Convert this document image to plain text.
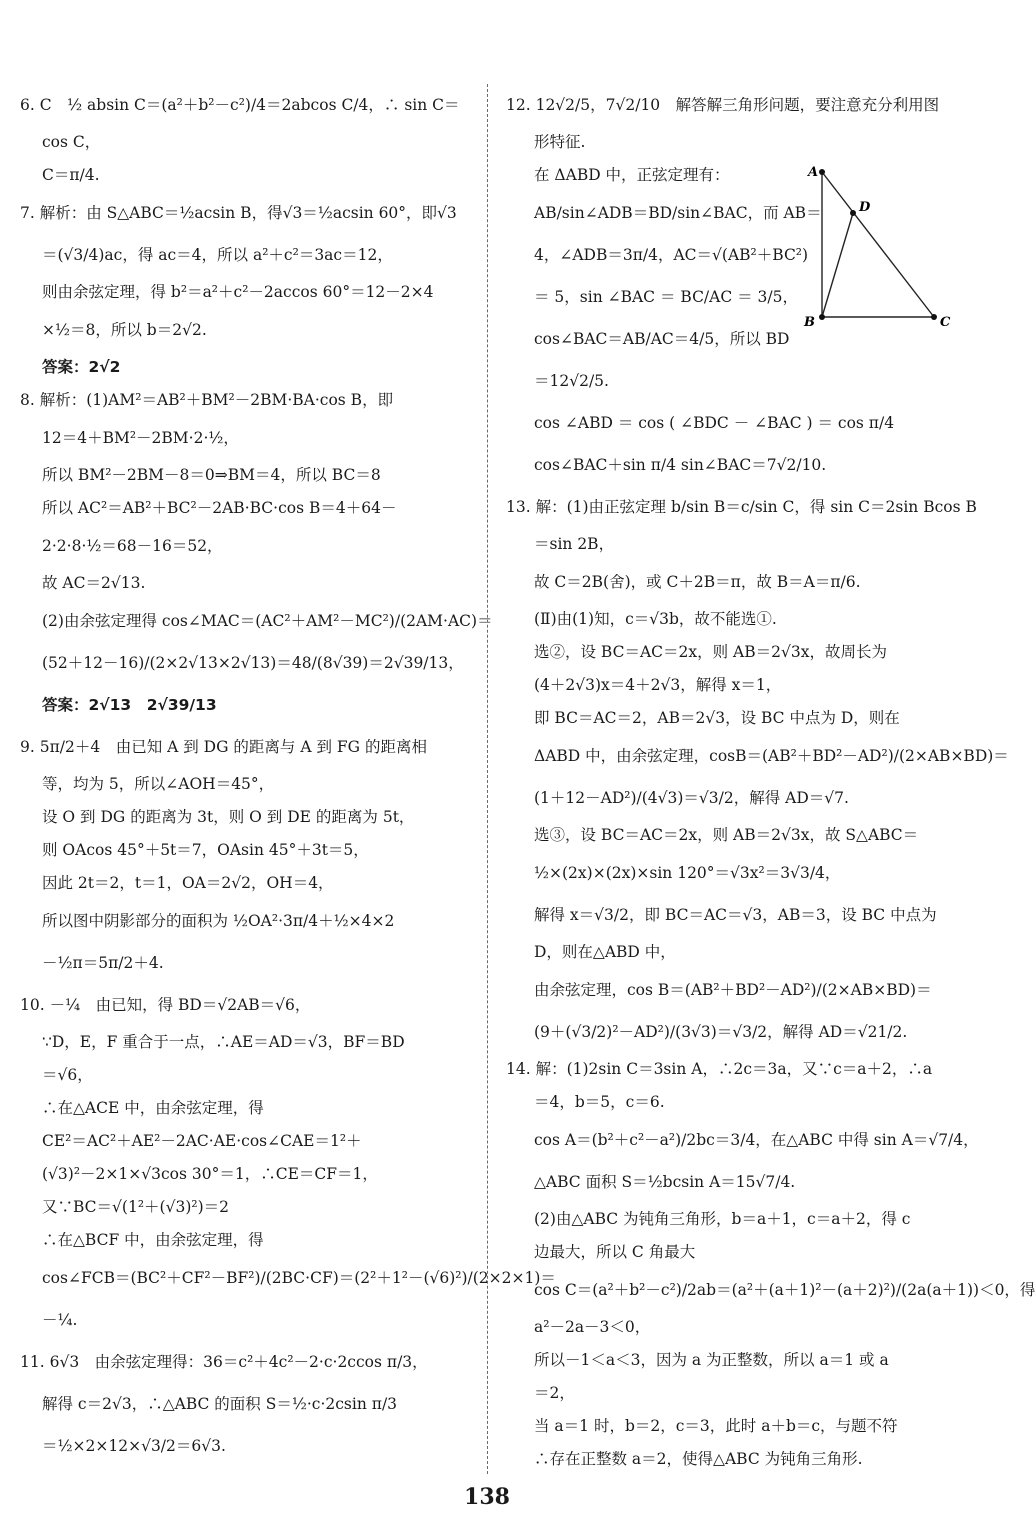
6. C　½ absin C＝(a²＋b²－c²)/4＝2abcos C/4，∴ sin C＝
cos C，
C＝π/4.
7. 解析：由 S△ABC＝½acsin B，得√3＝½acsin 60°，即√3
＝(√3/4)ac，得 ac＝4，所以 a²＋c²＝3ac＝12，
则由余弦定理，得 b²＝a²＋c²－2accos 60°＝12－2×4
×½＝8，所以 b＝2√2.
答案：2√2
8. 解析：(1)AM²＝AB²＋BM²－2BM·BA·cos B，即
12＝4＋BM²－2BM·2·½，
所以 BM²－2BM－8＝0⇒BM＝4，所以 BC＝8
所以 AC²＝AB²＋BC²－2AB·BC·cos B＝4＋64－
2·2·8·½＝68－16＝52，
故 AC＝2√13.
(2)由余弦定理得 cos∠MAC＝(AC²＋AM²－MC²)/(2AM·AC)＝
(52＋12－16)/(2×2√13×2√13)＝48/(8√39)＝2√39/13，
答案：2√13　2√39/13
9. 5π/2＋4　由已知 A 到 DG 的距离与 A 到 FG 的距离相
等，均为 5，所以∠AOH＝45°，
设 O 到 DG 的距离为 3t，则 O 到 DE 的距离为 5t，
则 OAcos 45°＋5t＝7，OAsin 45°＋3t＝5，
因此 2t＝2，t＝1，OA＝2√2，OH＝4，
所以图中阴影部分的面积为 ½OA²·3π/4＋½×4×2
－½π＝5π/2＋4.
10. －¼　由已知，得 BD＝√2AB＝√6，
∵D，E，F 重合于一点，∴AE＝AD＝√3，BF＝BD
＝√6，
∴在△ACE 中，由余弦定理，得
CE²＝AC²＋AE²－2AC·AE·cos∠CAE＝1²＋
(√3)²－2×1×√3cos 30°＝1，∴CE＝CF＝1，
又∵BC＝√(1²＋(√3)²)＝2
∴在△BCF 中，由余弦定理，得
cos∠FCB＝(BC²＋CF²－BF²)/(2BC·CF)＝(2²＋1²－(√6)²)/(2×2×1)＝
－¼.
11. 6√3　由余弦定理得：36＝c²＋4c²－2·c·2ccos π/3，
解得 c＝2√3，∴△ABC 的面积 S＝½·c·2csin π/3
＝½×2×12×√3/2＝6√3.
12. 12√2/5，7√2/10　解答解三角形问题，要注意充分利用图
形特征.
在 ΔABD 中，正弦定理有：
AB/sin∠ADB＝BD/sin∠BAC，而 AB＝
4，∠ADB＝3π/4，AC＝√(AB²＋BC²)
＝ 5，sin ∠BAC ＝ BC/AC ＝ 3/5，
cos∠BAC＝AB/AC＝4/5，所以 BD
＝12√2/5.
cos ∠ABD ＝ cos ( ∠BDC － ∠BAC ) ＝ cos π/4
cos∠BAC＋sin π/4 sin∠BAC＝7√2/10.
13. 解：(1)由正弦定理 b/sin B＝c/sin C，得 sin C＝2sin Bcos B
＝sin 2B，
故 C＝2B(舍)，或 C＋2B＝π，故 B＝A＝π/6.
(Ⅱ)由(1)知，c＝√3b，故不能选①.
选②，设 BC＝AC＝2x，则 AB＝2√3x，故周长为
(4＋2√3)x＝4＋2√3，解得 x＝1，
即 BC＝AC＝2，AB＝2√3，设 BC 中点为 D，则在
ΔABD 中，由余弦定理，cosB＝(AB²＋BD²－AD²)/(2×AB×BD)＝
(1＋12－AD²)/(4√3)＝√3/2，解得 AD＝√7.
选③，设 BC＝AC＝2x，则 AB＝2√3x，故 S△ABC＝
½×(2x)×(2x)×sin 120°＝√3x²＝3√3/4，
解得 x＝√3/2，即 BC＝AC＝√3，AB＝3，设 BC 中点为
D，则在△ABD 中，
由余弦定理，cos B＝(AB²＋BD²－AD²)/(2×AB×BD)＝
(9＋(√3/2)²－AD²)/(3√3)＝√3/2，解得 AD＝√21/2.
14. 解：(1)2sin C＝3sin A，∴2c＝3a，又∵c＝a＋2，∴a
＝4，b＝5，c＝6.
cos A＝(b²＋c²－a²)/2bc＝3/4，在△ABC 中得 sin A＝√7/4，
△ABC 面积 S＝½bcsin A＝15√7/4.
(2)由△ABC 为钝角三角形，b＝a＋1，c＝a＋2，得 c
边最大，所以 C 角最大
cos C＝(a²＋b²－c²)/2ab＝(a²＋(a＋1)²－(a＋2)²)/(2a(a＋1))＜0，得
a²－2a－3＜0，
所以－1＜a＜3，因为 a 为正整数，所以 a＝1 或 a
＝2，
当 a＝1 时，b＝2，c＝3，此时 a＋b＝c，与题不符
∴存在正整数 a＝2，使得△ABC 为钝角三角形.
A
D
B	C
138
